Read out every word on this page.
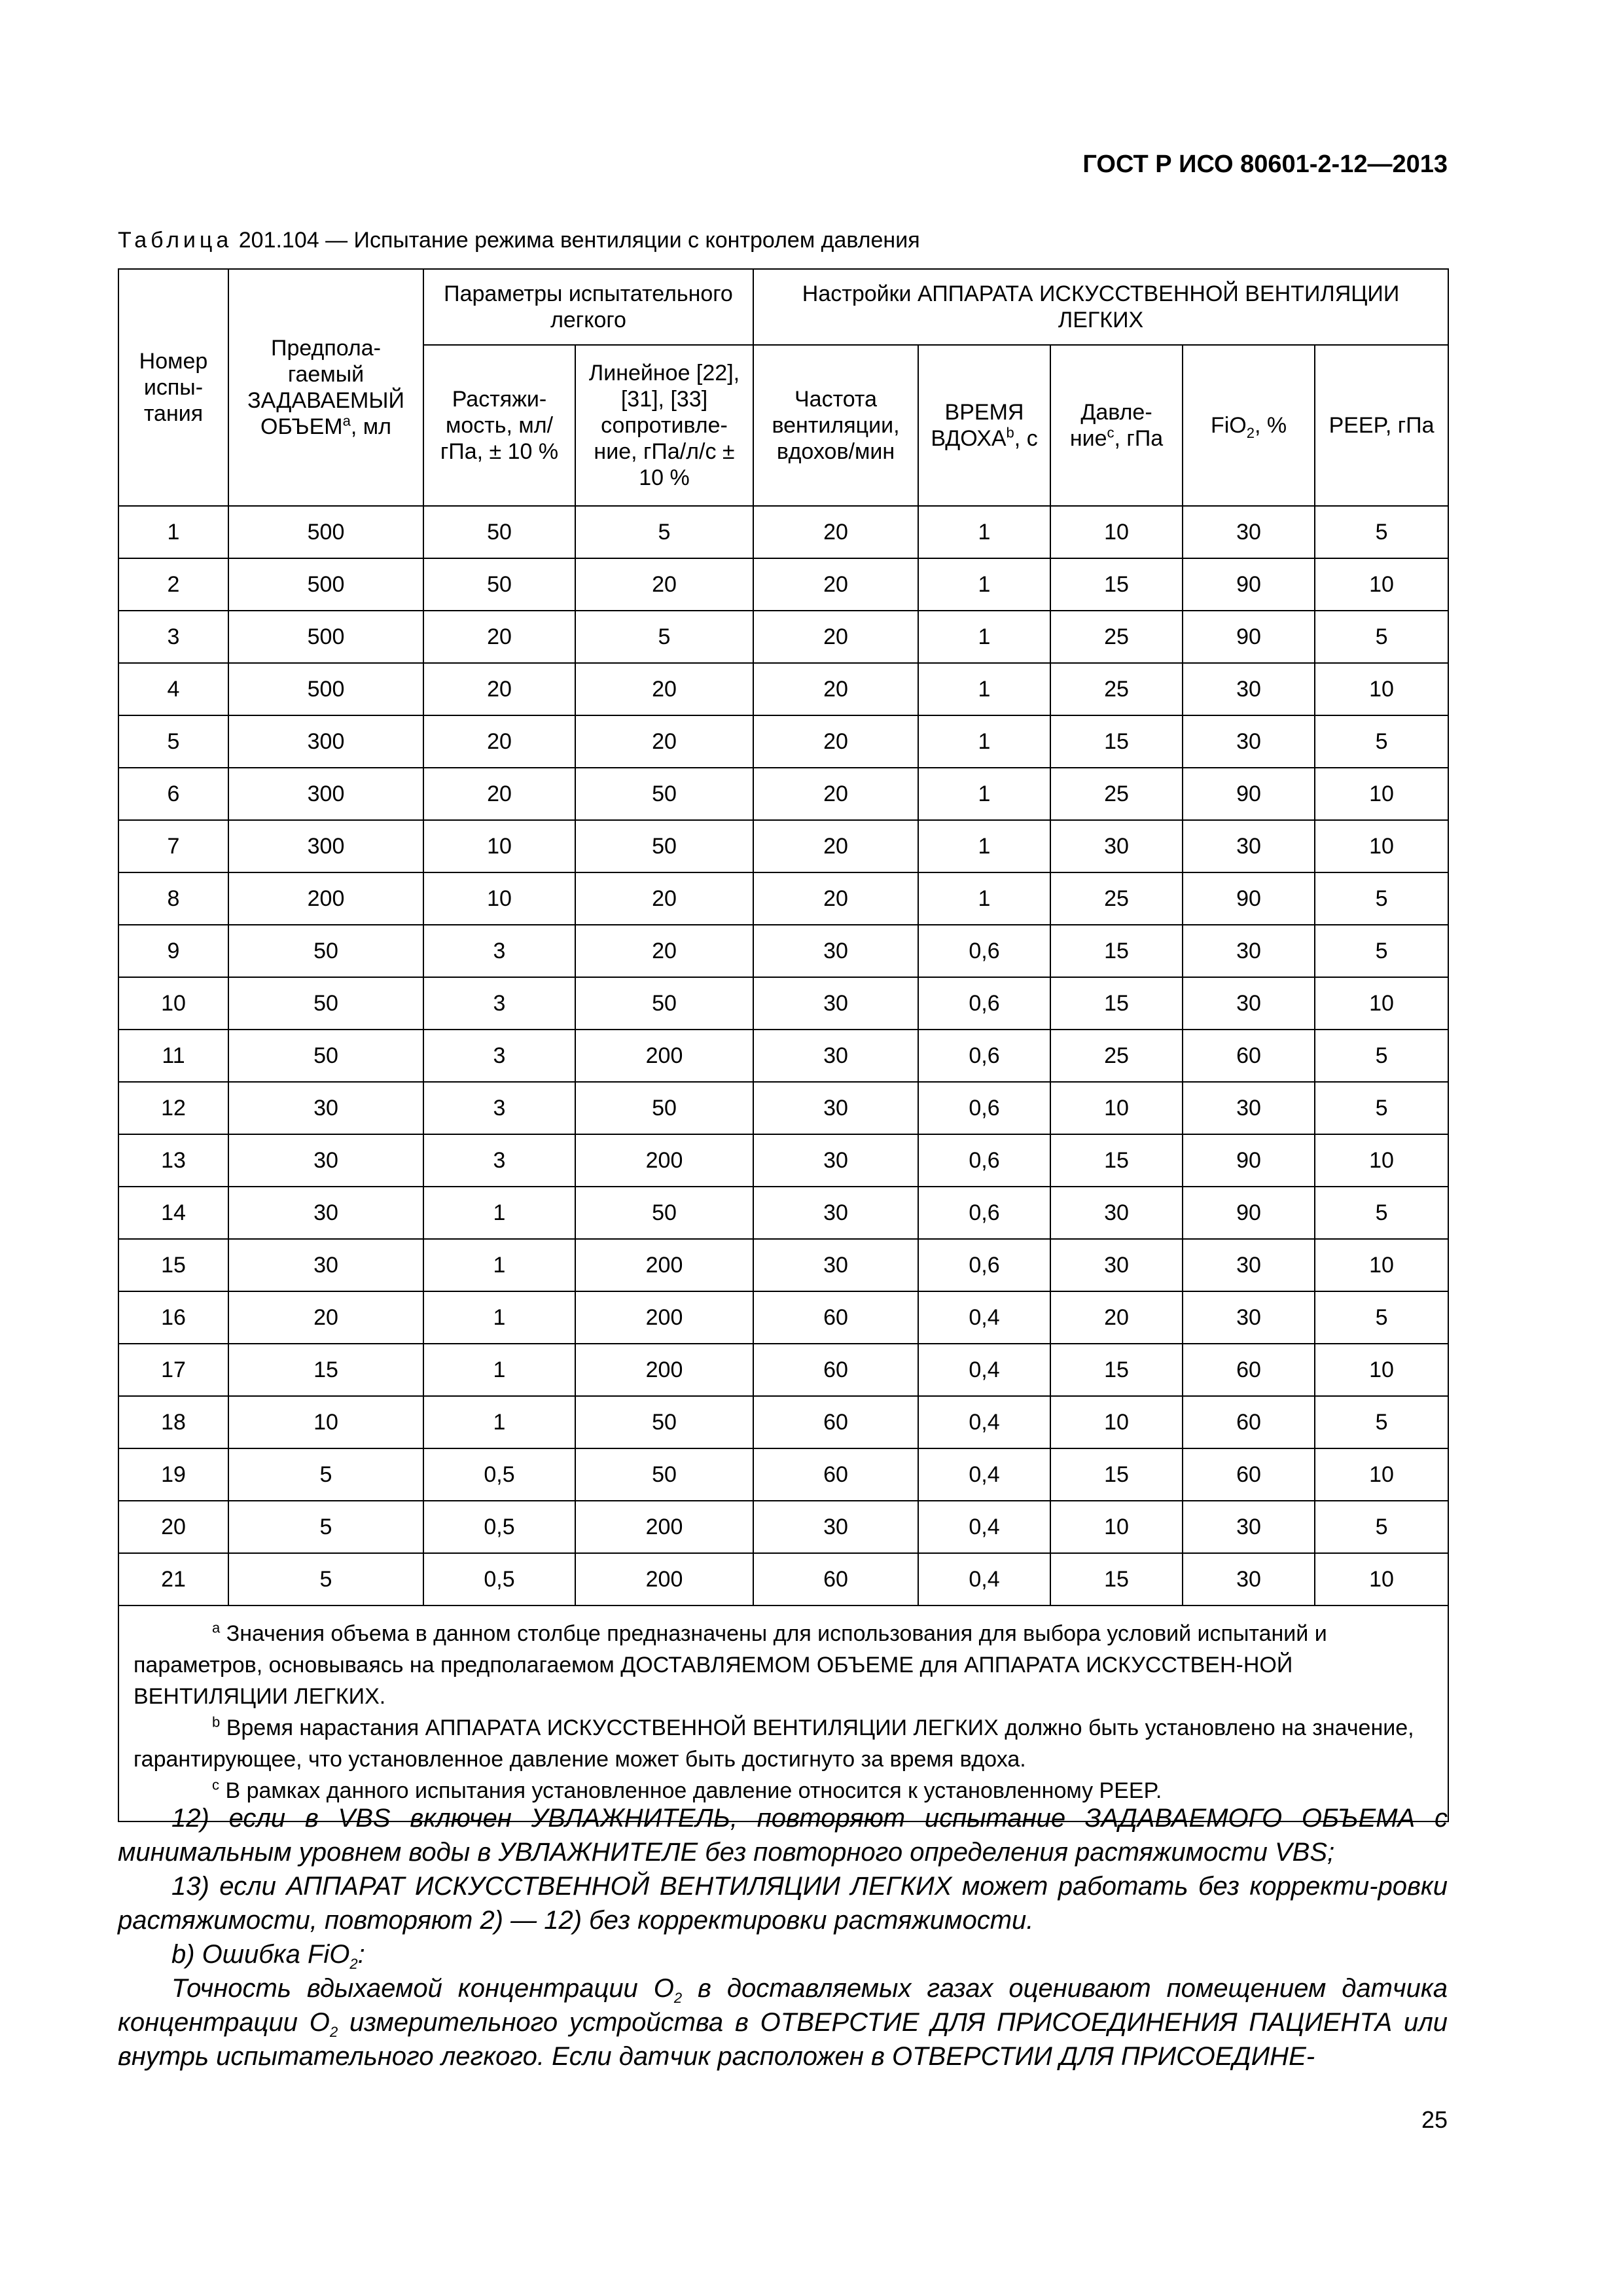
ГОСТ Р ИСО 80601-2-12—2013
Таблица 201.104 — Испытание режима вентиляции с контролем давления
Номер испы-тания	Предпола-гаемый ЗАДАВАЕМЫЙ ОБЪЕМ$^a$, мл	Параметры испытательного легкого		Настройки АППАРАТА ИСКУССТВЕННОЙ ВЕНТИЛЯЦИИ ЛЕГКИХ				
		Растяжи-мость, мл/гПа, ± 10 %	Линейное [22], [31], [33] сопротивле-ние, гПа/л/с ± 10 %	Частота вентиляции, вдохов/мин	ВРЕМЯ ВДОХА$^b$, с	Давле-ние$^c$, гПа	FiO$_2$, %	PEEP, гПа
1	500	50	5	20	1	10	30	5
2	500	50	20	20	1	15	90	10
3	500	20	5	20	1	25	90	5
4	500	20	20	20	1	25	30	10
5	300	20	20	20	1	15	30	5
6	300	20	50	20	1	25	90	10
7	300	10	50	20	1	30	30	10
8	200	10	20	20	1	25	90	5
9	50	3	20	30	0,6	15	30	5
10	50	3	50	30	0,6	15	30	10
11	50	3	200	30	0,6	25	60	5
12	30	3	50	30	0,6	10	30	5
13	30	3	200	30	0,6	15	90	10
14	30	1	50	30	0,6	30	90	5
15	30	1	200	30	0,6	30	30	10
16	20	1	200	60	0,4	20	30	5
17	15	1	200	60	0,4	15	60	10
18	10	1	50	60	0,4	10	60	5
19	5	0,5	50	60	0,4	15	60	10
20	5	0,5	200	30	0,4	10	30	5
21	5	0,5	200	60	0,4	15	30	10

$^a$ Значения объема в данном столбце предназначены для использования для выбора условий испытаний и параметров, основываясь на предполагаемом ДОСТАВЛЯЕМОМ ОБЪЕМЕ для АППАРАТА ИСКУССТВЕН-НОЙ ВЕНТИЛЯЦИИ ЛЕГКИХ.

$^b$ Время нарастания АППАРАТА ИСКУССТВЕННОЙ ВЕНТИЛЯЦИИ ЛЕГКИХ должно быть установлено на значение, гарантирующее, что установленное давление может быть достигнуто за время вдоха.

$^c$ В рамках данного испытания установленное давление относится к установленному PEEP.								

12) если в VBS включен УВЛАЖНИТЕЛЬ, повторяют испытание ЗАДАВАЕМОГО ОБЪЕМА с минимальным уровнем воды в УВЛАЖНИТЕЛЕ без повторного определения растяжимости VBS;

13) если АППАРАТ ИСКУССТВЕННОЙ ВЕНТИЛЯЦИИ ЛЕГКИХ может работать без корректи-ровки растяжимости, повторяют 2) — 12) без корректировки растяжимости.

b) Ошибка FiO$_2$:

Точность вдыхаемой концентрации $O_2$ в доставляемых газах оценивают помещением датчика концентрации $O_2$ измерительного устройства в ОТВЕРСТИЕ ДЛЯ ПРИСОЕДИНЕНИЯ ПАЦИЕНТА или внутрь испытательного легкого. Если датчик расположен в ОТВЕРСТИИ ДЛЯ ПРИСОЕДИНЕ-

25
